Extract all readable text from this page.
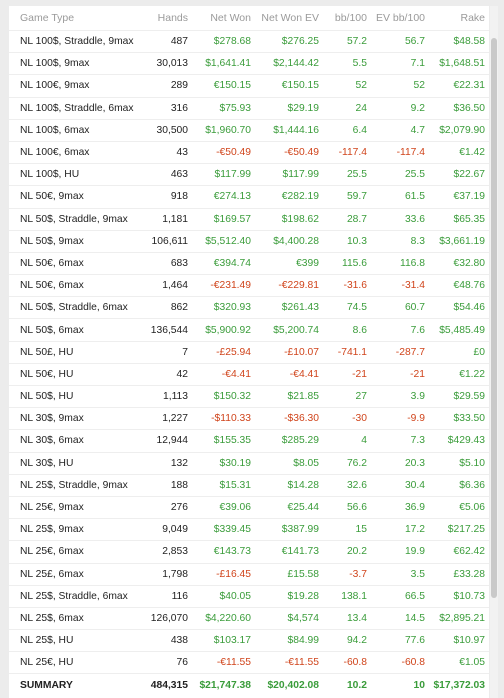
Game Type	Hands	Net Won	Net Won EV	bb/100	EV bb/100	Rake
NL 100$, Straddle, 9max	487	$278.68	$276.25	57.2	56.7	$48.58
NL 100$, 9max	30,013	$1,641.41	$2,144.42	5.5	7.1	$1,648.51
NL 100€, 9max	289	€150.15	€150.15	52	52	€22.31
NL 100$, Straddle, 6max	316	$75.93	$29.19	24	9.2	$36.50
NL 100$, 6max	30,500	$1,960.70	$1,444.16	6.4	4.7	$2,079.90
NL 100€, 6max	43	-€50.49	-€50.49	-117.4	-117.4	€1.42
NL 100$, HU	463	$117.99	$117.99	25.5	25.5	$22.67
NL 50€, 9max	918	€274.13	€282.19	59.7	61.5	€37.19
NL 50$, Straddle, 9max	1,181	$169.57	$198.62	28.7	33.6	$65.35
NL 50$, 9max	106,611	$5,512.40	$4,400.28	10.3	8.3	$3,661.19
NL 50€, 6max	683	€394.74	€399	115.6	116.8	€32.80
NL 50€, 6max	1,464	-€231.49	-€229.81	-31.6	-31.4	€48.76
NL 50$, Straddle, 6max	862	$320.93	$261.43	74.5	60.7	$54.46
NL 50$, 6max	136,544	$5,900.92	$5,200.74	8.6	7.6	$5,485.49
NL 50£, HU	7	-£25.94	-£10.07	-741.1	-287.7	£0
NL 50€, HU	42	-€4.41	-€4.41	-21	-21	€1.22
NL 50$, HU	1,113	$150.32	$21.85	27	3.9	$29.59
NL 30$, 9max	1,227	-$110.33	-$36.30	-30	-9.9	$33.50
NL 30$, 6max	12,944	$155.35	$285.29	4	7.3	$429.43
NL 30$, HU	132	$30.19	$8.05	76.2	20.3	$5.10
NL 25$, Straddle, 9max	188	$15.31	$14.28	32.6	30.4	$6.36
NL 25€, 9max	276	€39.06	€25.44	56.6	36.9	€5.06
NL 25$, 9max	9,049	$339.45	$387.99	15	17.2	$217.25
NL 25€, 6max	2,853	€143.73	€141.73	20.2	19.9	€62.42
NL 25£, 6max	1,798	-£16.45	£15.58	-3.7	3.5	£33.28
NL 25$, Straddle, 6max	116	$40.05	$19.28	138.1	66.5	$10.73
NL 25$, 6max	126,070	$4,220.60	$4,574	13.4	14.5	$2,895.21
NL 25$, HU	438	$103.17	$84.99	94.2	77.6	$10.97
NL 25€, HU	76	-€11.55	-€11.55	-60.8	-60.8	€1.05
SUMMARY	484,315	$21,747.38	$20,402.08	10.2	10	$17,372.03
